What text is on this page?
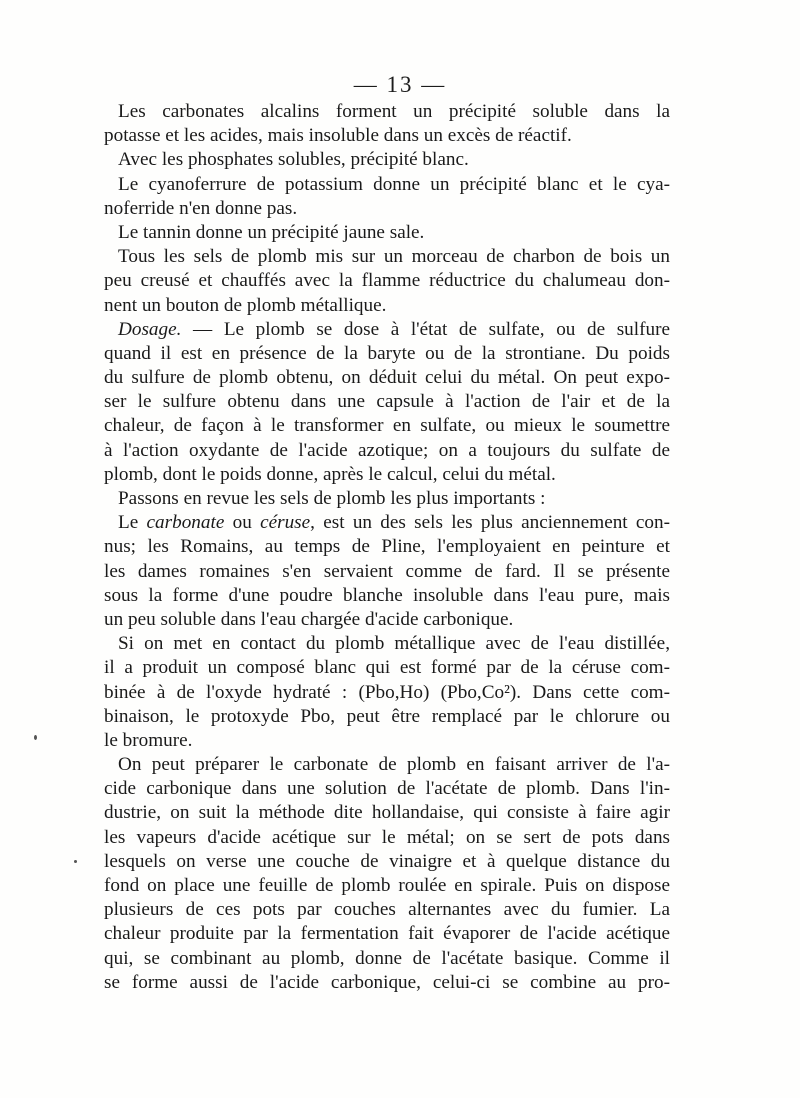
— 13 —
Les carbonates alcalins forment un précipité soluble dans la
potasse et les acides, mais insoluble dans un excès de réactif.
Avec les phosphates solubles, précipité blanc.
Le cyanoferrure de potassium donne un précipité blanc et le cya-
noferride n'en donne pas.
Le tannin donne un précipité jaune sale.
Tous les sels de plomb mis sur un morceau de charbon de bois un
peu creusé et chauffés avec la flamme réductrice du chalumeau don-
nent un bouton de plomb métallique.
Dosage. — Le plomb se dose à l'état de sulfate, ou de sulfure
quand il est en présence de la baryte ou de la strontiane. Du poids
du sulfure de plomb obtenu, on déduit celui du métal. On peut expo-
ser le sulfure obtenu dans une capsule à l'action de l'air et de la
chaleur, de façon à le transformer en sulfate, ou mieux le soumettre
à l'action oxydante de l'acide azotique; on a toujours du sulfate de
plomb, dont le poids donne, après le calcul, celui du métal.
Passons en revue les sels de plomb les plus importants :
Le carbonate ou céruse, est un des sels les plus anciennement con-
nus; les Romains, au temps de Pline, l'employaient en peinture et
les dames romaines s'en servaient comme de fard. Il se présente
sous la forme d'une poudre blanche insoluble dans l'eau pure, mais
un peu soluble dans l'eau chargée d'acide carbonique.
Si on met en contact du plomb métallique avec de l'eau distillée,
il a produit un composé blanc qui est formé par de la céruse com-
binée à de l'oxyde hydraté : (Pbo,Ho) (Pbo,Co²). Dans cette com-
binaison, le protoxyde Pbo, peut être remplacé par le chlorure ou
le bromure.
On peut préparer le carbonate de plomb en faisant arriver de l'a-
cide carbonique dans une solution de l'acétate de plomb. Dans l'in-
dustrie, on suit la méthode dite hollandaise, qui consiste à faire agir
les vapeurs d'acide acétique sur le métal; on se sert de pots dans
lesquels on verse une couche de vinaigre et à quelque distance du
fond on place une feuille de plomb roulée en spirale. Puis on dispose
plusieurs de ces pots par couches alternantes avec du fumier. La
chaleur produite par la fermentation fait évaporer de l'acide acétique
qui, se combinant au plomb, donne de l'acétate basique. Comme il
se forme aussi de l'acide carbonique, celui-ci se combine au pro-
